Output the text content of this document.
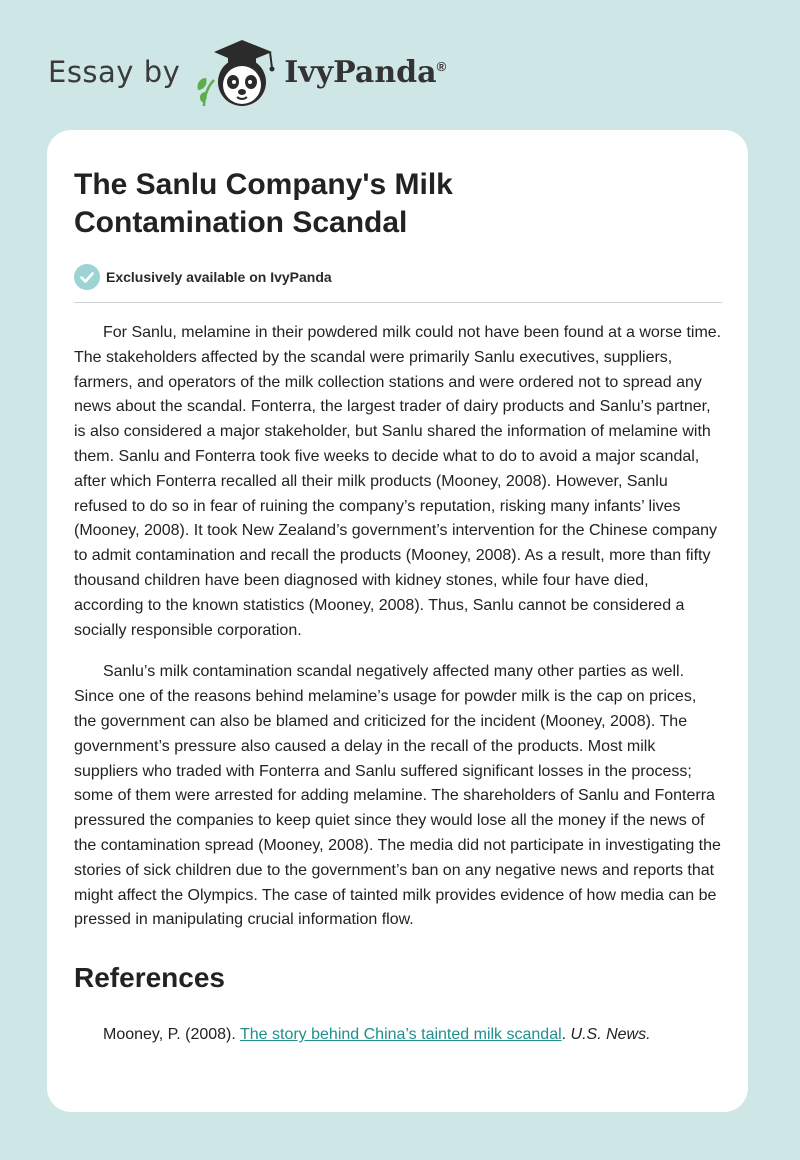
Essay by	IvyPanda®
The Sanlu Company's Milk
Contamination Scandal
Exclusively available on IvyPanda

For Sanlu, melamine in their powdered milk could not have been found at a worse time. The stakeholders affected by the scandal were primarily Sanlu executives, suppliers, farmers, and operators of the milk collection stations and were ordered not to spread any news about the scandal. Fonterra, the largest trader of dairy products and Sanlu’s partner, is also considered a major stakeholder, but Sanlu shared the information of melamine with them. Sanlu and Fonterra took five weeks to decide what to do to avoid a major scandal, after which Fonterra recalled all their milk products (Mooney, 2008). However, Sanlu refused to do so in fear of ruining the company’s reputation, risking many infants’ lives (Mooney, 2008). It took New Zealand’s government’s intervention for the Chinese company to admit contamination and recall the products (Mooney, 2008). As a result, more than fifty thousand children have been diagnosed with kidney stones, while four have died, according to the known statistics (Mooney, 2008). Thus, Sanlu cannot be considered a socially responsible corporation.

Sanlu’s milk contamination scandal negatively affected many other parties as well. Since one of the reasons behind melamine’s usage for powder milk is the cap on prices, the government can also be blamed and criticized for the incident (Mooney, 2008). The government’s pressure also caused a delay in the recall of the products. Most milk suppliers who traded with Fonterra and Sanlu suffered significant losses in the process; some of them were arrested for adding melamine. The shareholders of Sanlu and Fonterra pressured the companies to keep quiet since they would lose all the money if the news of the contamination spread (Mooney, 2008). The media did not participate in investigating the stories of sick children due to the government’s ban on any negative news and reports that might affect the Olympics. The case of tainted milk provides evidence of how media can be pressed in manipulating crucial information flow.

References
Mooney, P. (2008). The story behind China’s tainted milk scandal. U.S. News.
